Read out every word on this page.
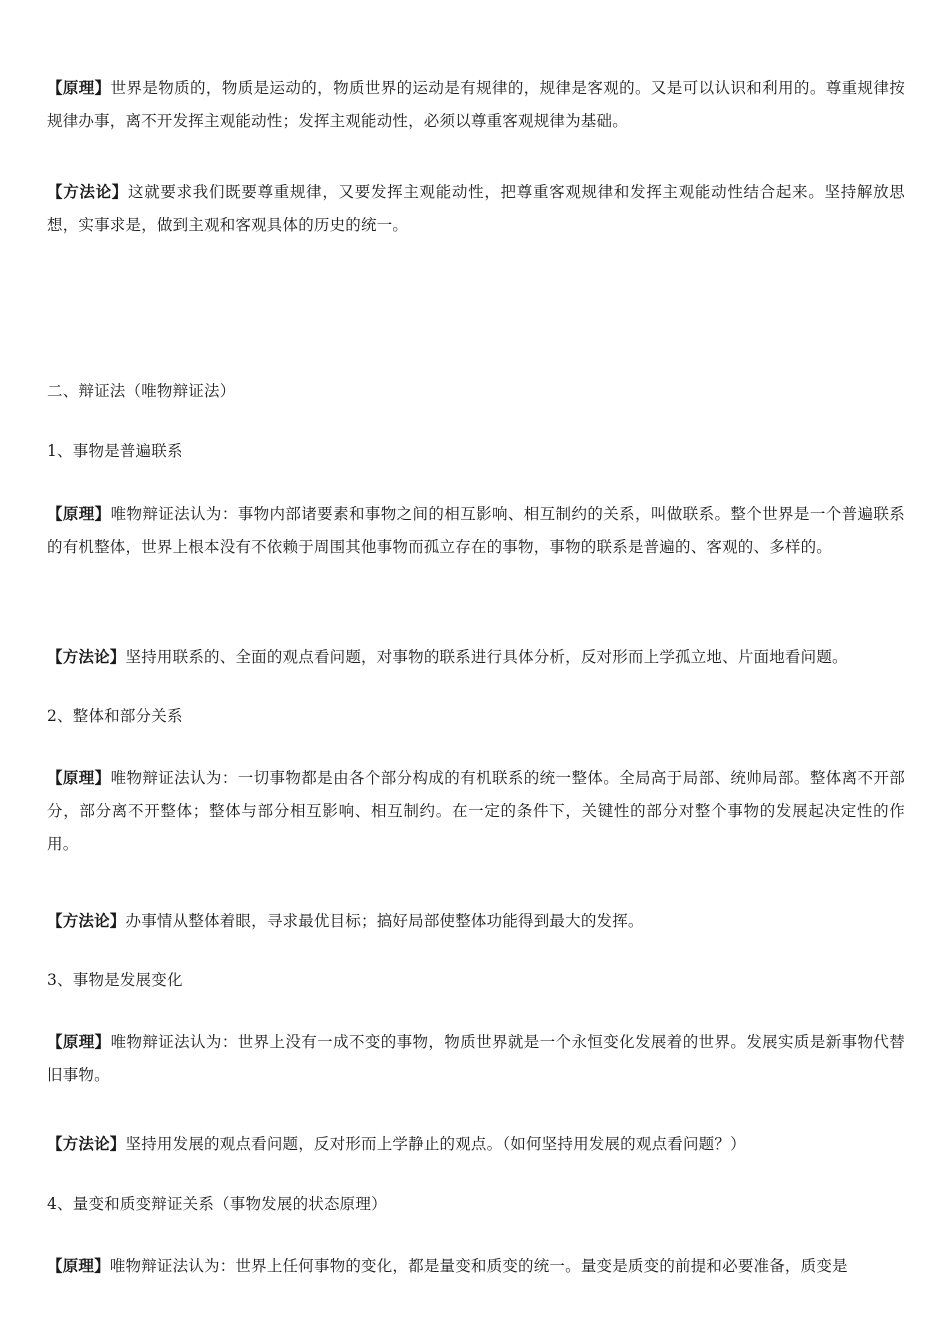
【原理】世界是物质的，物质是运动的，物质世界的运动是有规律的，规律是客观的。又是可以认识和利用的。尊重规律按规律办事，离不开发挥主观能动性；发挥主观能动性，必须以尊重客观规律为基础。

【方法论】这就要求我们既要尊重规律，又要发挥主观能动性，把尊重客观规律和发挥主观能动性结合起来。坚持解放思想，实事求是，做到主观和客观具体的历史的统一。

二、辩证法（唯物辩证法）

1、事物是普遍联系

【原理】唯物辩证法认为：事物内部诸要素和事物之间的相互影响、相互制约的关系，叫做联系。整个世界是一个普遍联系的有机整体，世界上根本没有不依赖于周围其他事物而孤立存在的事物，事物的联系是普遍的、客观的、多样的。

【方法论】坚持用联系的、全面的观点看问题，对事物的联系进行具体分析，反对形而上学孤立地、片面地看问题。

2、整体和部分关系

【原理】唯物辩证法认为：一切事物都是由各个部分构成的有机联系的统一整体。全局高于局部、统帅局部。整体离不开部分，部分离不开整体；整体与部分相互影响、相互制约。在一定的条件下，关键性的部分对整个事物的发展起决定性的作用。

【方法论】办事情从整体着眼，寻求最优目标；搞好局部使整体功能得到最大的发挥。

3、事物是发展变化

【原理】唯物辩证法认为：世界上没有一成不变的事物，物质世界就是一个永恒变化发展着的世界。发展实质是新事物代替旧事物。

【方法论】坚持用发展的观点看问题，反对形而上学静止的观点。（如何坚持用发展的观点看问题？）

4、量变和质变辩证关系（事物发展的状态原理）

【原理】唯物辩证法认为：世界上任何事物的变化，都是量变和质变的统一。量变是质变的前提和必要准备，质变是
